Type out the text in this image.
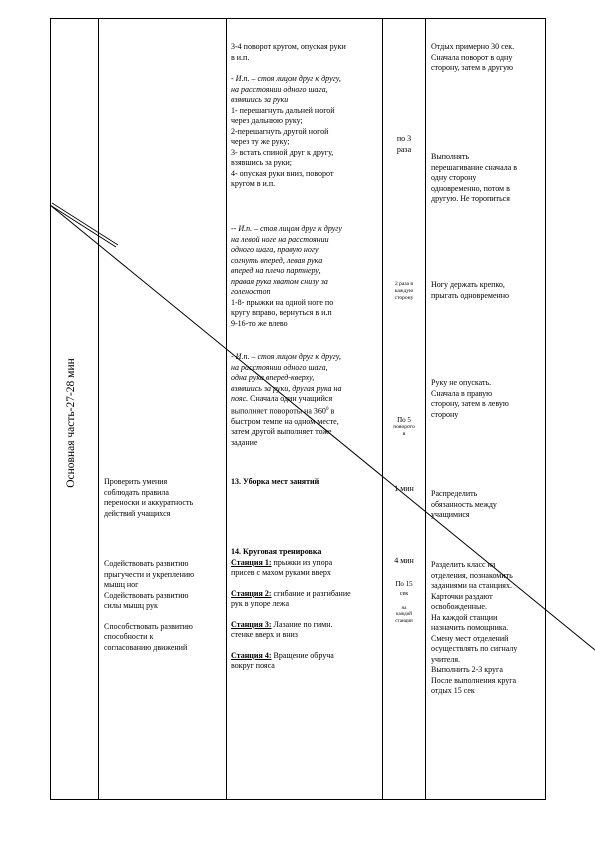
Основная часть-27-28 мин

3-4 поворот кругом, опуская руки

в и.п.

- И.п. – стоя лицом друг к другу,

на расстоянии одного шага,

взявшись за руки

1- перешагнуть дальней ногой

через дальнюю руку;

2-перешагнуть другой ногой

через ту же руку;

3- встать спиной друг к другу,

взявшись за руки;

4- опуская руки вниз, поворот

кругом в и.п.

-- И.п. – стоя лицом друг к другу

на левой ноге на расстоянии

одного шага, правую ногу

согнуть вперед, левая рука

вперед на плечо партнеру,

правая рука хватом снизу за

голеностоп

1-8- прыжки на одной ноге по

кругу вправо, вернуться в и.п

9-16-то же влево

- И.п. – стоя лицом друг к другу,

на расстоянии одного шага,

одна рука вперед-кверху,

взявшись за руки, другая рука на

пояс. Сначала один учащийся

выполняет повороты на $360^0$ в

быстром темпе на одном месте,

затем другой выполняет тоже

задание

по 3

раза

2 раза в

каждую

сторону

По 5

поворото

в

Отдых примерно 30 сек.

Сначала поворот в одну

сторону, затем в другую

Выполнять

перешагивание сначала в

одну сторону

одновременно, потом в

другую. Не торопиться

Ногу держать крепко,

прыгать одновременно

Руку не опускать.

Сначала в правую

сторону, затем в левую

сторону

Проверить умения

соблюдать правила

переноски и аккуратность

действий учащихся

13. Уборка мест занятий

1 мин

Распределить

обязанность между

учащимися

Содействовать развитию

прыгучести и укреплению

мышц ног

Содействовать развитию

силы мышц рук

Способствовать развитию

способности к

согласованию движений

14. Круговая тренировка

Станция 1: прыжки из упора

присев с махом руками вверх

Станция 2: сгибание и разгибание

рук в упоре лежа

Станция 3: Лазание по гимн.

стенке вверх и вниз

Станция 4: Вращение обруча

вокруг пояса

4 мин

По 15

сек

на

каждой

станции

Разделить класс на

отделения, познакомить

заданиями на станциях.

Карточки раздают

освобожденные.

На каждой станции

назначить помощника.

Смену мест отделений

осуществлять по сигналу

учителя.

Выполнить 2-3 круга

После выполнения круга

отдых 15 сек
